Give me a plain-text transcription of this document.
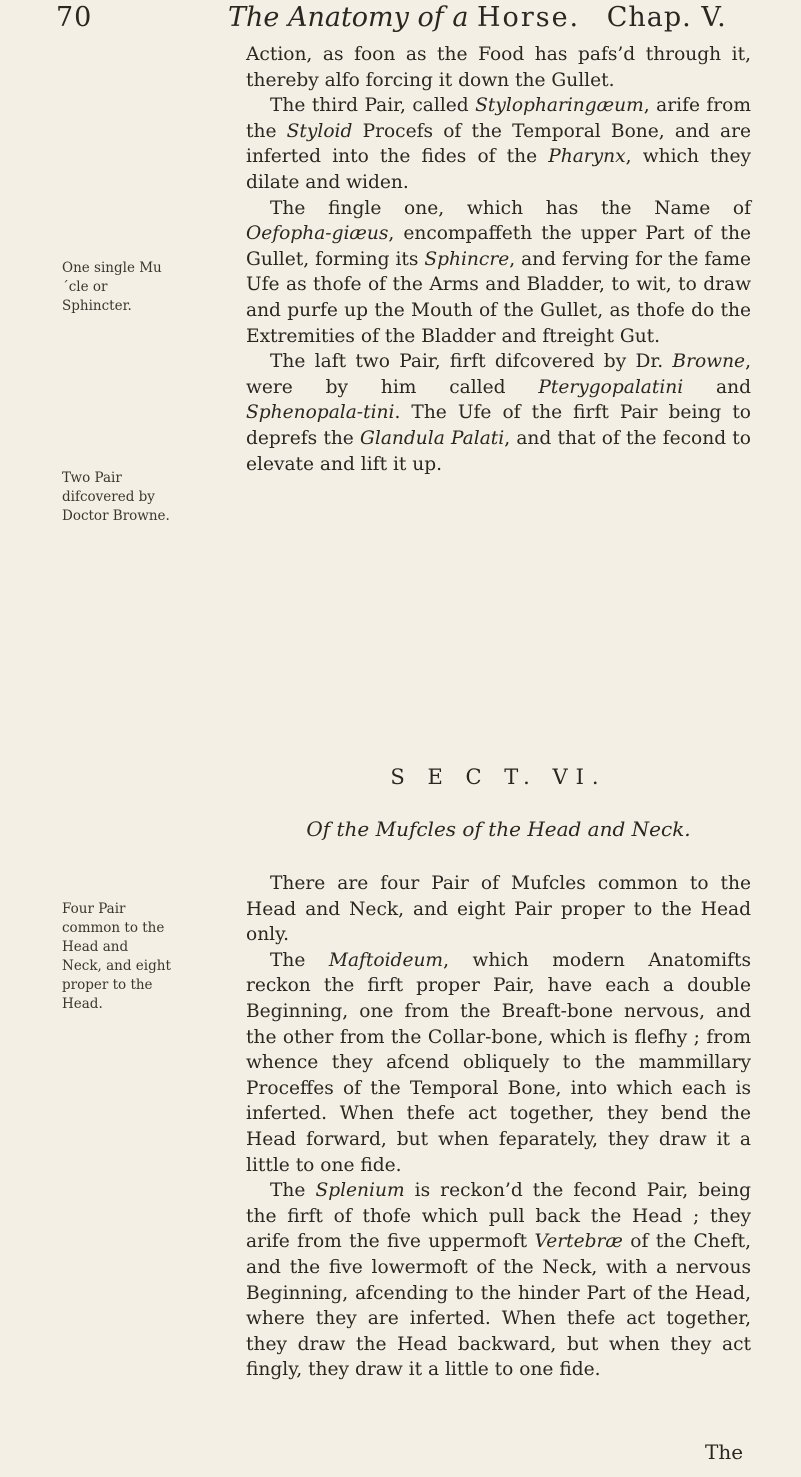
70	The Anatomy of a Horse. Chap. V.
One single Mu´cle or Sphincter.
Two Pair difcovered by Doctor Browne.
Four Pair common to the Head and Neck, and eight proper to the Head.

Action, as foon as the Food has pafs’d through it, thereby alfo forcing it down the Gullet.

The third Pair, called Stylopharingæum, arife from the Styloid Procefs of the Temporal Bone, and are inferted into the fides of the Pharynx, which they dilate and widen.

The fingle one, which has the Name of Oefopha‑giæus, encompaffeth the upper Part of the Gullet, forming its Sphincre, and ferving for the fame Ufe as thofe of the Arms and Bladder, to wit, to draw and purfe up the Mouth of the Gullet, as thofe do the Extremities of the Bladder and ftreight Gut.

The laft two Pair, firft difcovered by Dr. Browne, were by him called Pterygopalatini and Sphenopala‑tini. The Ufe of the firft Pair being to deprefs the Glandula Palati, and that of the fecond to elevate and lift it up.

S E C T. VI.
Of the Mufcles of the Head and Neck.

There are four Pair of Mufcles common to the Head and Neck, and eight Pair proper to the Head only.

The Maftoideum, which modern Anatomifts reckon the firft proper Pair, have each a double Beginning, one from the Breaft‑bone nervous, and the other from the Collar‑bone, which is flefhy ; from whence they afcend obliquely to the mammillary Proceffes of the Temporal Bone, into which each is inferted. When thefe act together, they bend the Head forward, but when feparately, they draw it a little to one fide.

The Splenium is reckon’d the fecond Pair, being the firft of thofe which pull back the Head ; they arife from the five uppermoft Vertebræ of the Cheft, and the five lowermoft of the Neck, with a nervous Beginning, afcending to the hinder Part of the Head, where they are inferted. When thefe act together, they draw the Head backward, but when they act fingly, they draw it a little to one fide.

The
